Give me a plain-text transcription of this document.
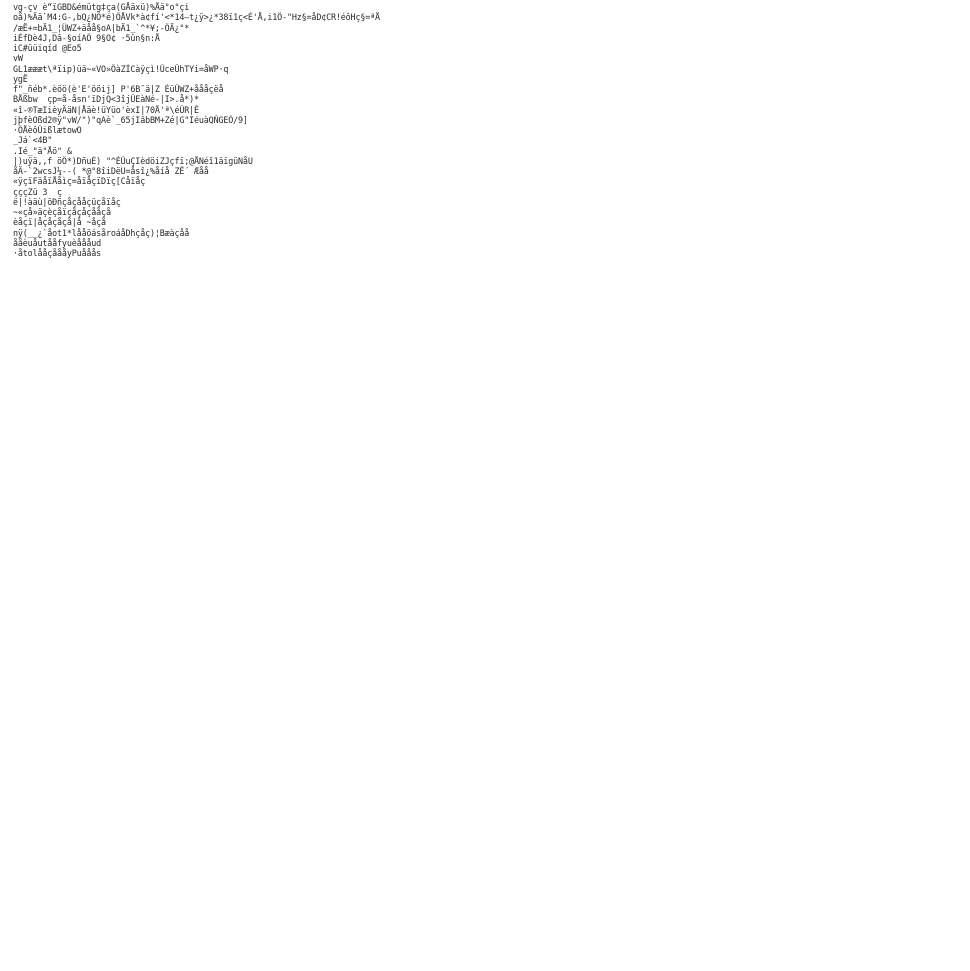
vg-çv è“ïGBD&émütg‡ça(GÅäxü)%Åä°o°çi
oå)%Ää`M4:G-,bQ¿NÖ*é)ÖÅVk*à¢fí'<*14—t¿ÿ>¿*38ï1ç<É'Å,i1Ö-"Hz§=åD¢CR!éôHç§=ªÅ
/æË+=bÄ1_¦ÜWZ+äåå§oA|bÄ1_`^*¥;-ÖÄ¿°*
iÉfDè4J,Dâ-§oíAÖ 9§O¢ ·5ûn§n:Å
iC#üüiqíd @Eo5
vW
GL1æææt\ªïip)üä~«VO»ÖàZÍCàÿçì!ÛceÛhTYi=åWP·q
ygË
f"_ñéb*.èöö(è'E'ööij] P'6B¯ä|Z ÉüÛWZ+åååçëå
BÅßbw  çp=å-åsn'ïDjQ<3îjÛEàNé-|I>.å*)*
«î-®TæIièyÄäN|Åäè!üYüo'èxI|70Å'ª\éÛR|Ê
jþfèOßd2®ÿ"vW/")"qAè`_65jIâbBM+Zé|G"IéuàQÑGEÖ/9]
·ÖÅèôÛißlætowO
_Já`<4B"
.Ié_"ä"Åö" &
|)uÿä,,f öÖ*)DñuÉ) "^ÉÛuÇIèdöiZJçfï;@ÅNéî1äïgüNåU
åÄ-`2wcsJ¼--( *@°8îiDëU=åsî¿%åíå ZÊ´ Æåå
«ÿçïFäåïÅåìç=åïåçïDïç[Cåïåç
çççZü 3  ç
ë|!àäù|öÐñçåçååçüçåïåç
~«çå»äçèçåïçåçåçååçå
èåçï|åçåçåçå|å ~åçå
nÿ(__¿`åot1*lååöásåroáåDhçåç)¦Bæàçåå
ååèuåutååfyuèåååud
·åtolååçåååyPuååås
